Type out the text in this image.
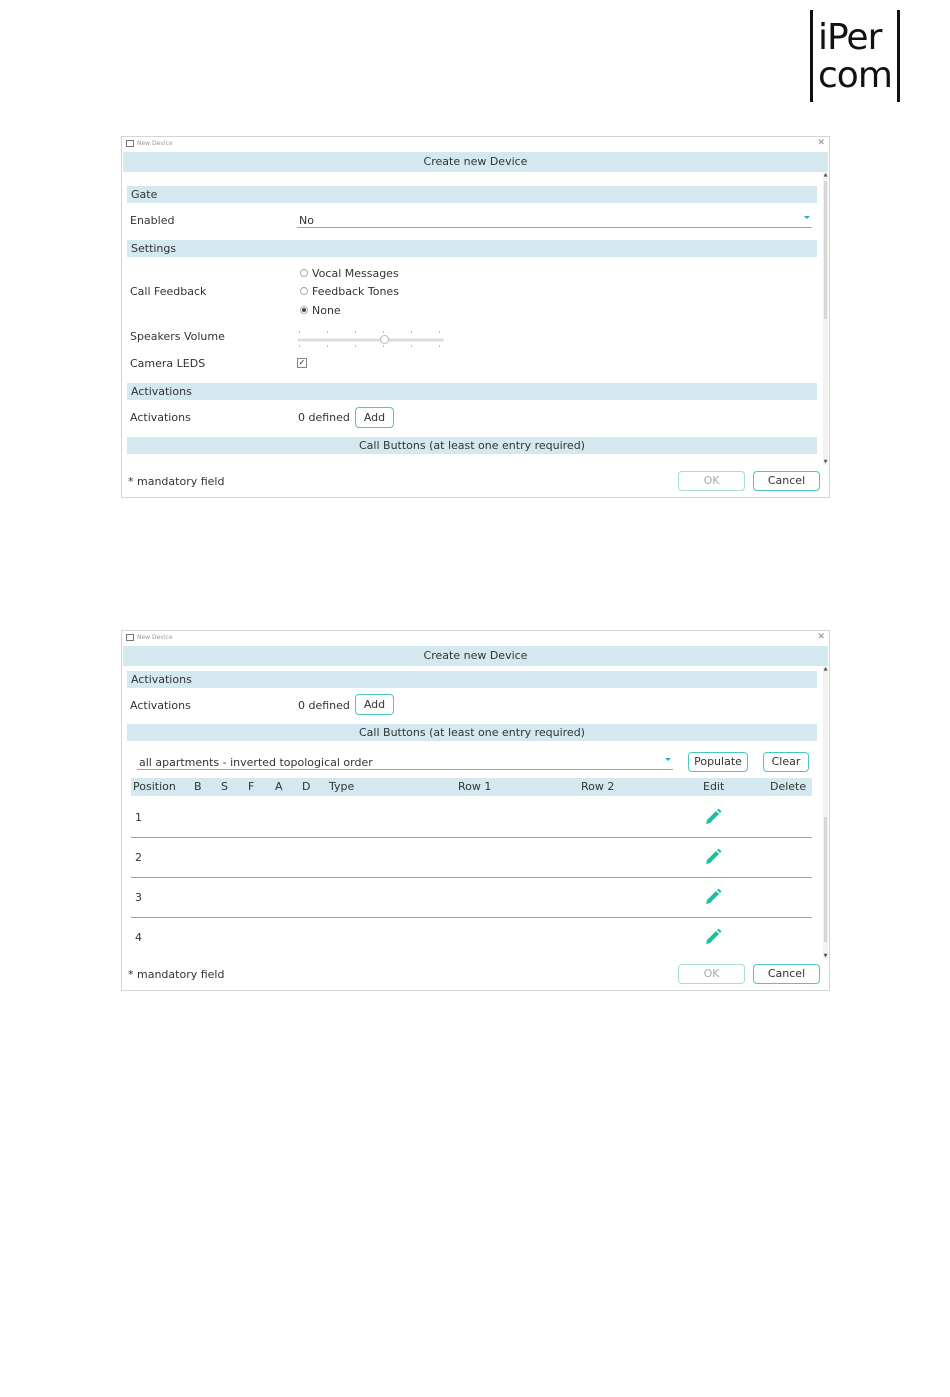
iPer
com
New Device	✕
Create new Device
▲
▼
Gate
Enabled	No
Settings
Call Feedback
Vocal Messages
Feedback Tones
None
Speakers Volume
Camera LEDS	✓
Activations
Activations	0 defined	Add
Call Buttons (at least one entry required)
* mandatory field	OK	Cancel
New Device	✕
Create new Device
▲
▼
Activations
Activations	0 defined	Add
Call Buttons (at least one entry required)
all apartments - inverted topological order	Populate	Clear
Position B S F A D Type	Row 1	Row 2	Edit	Delete
1
2
3
4
* mandatory field	OK	Cancel
